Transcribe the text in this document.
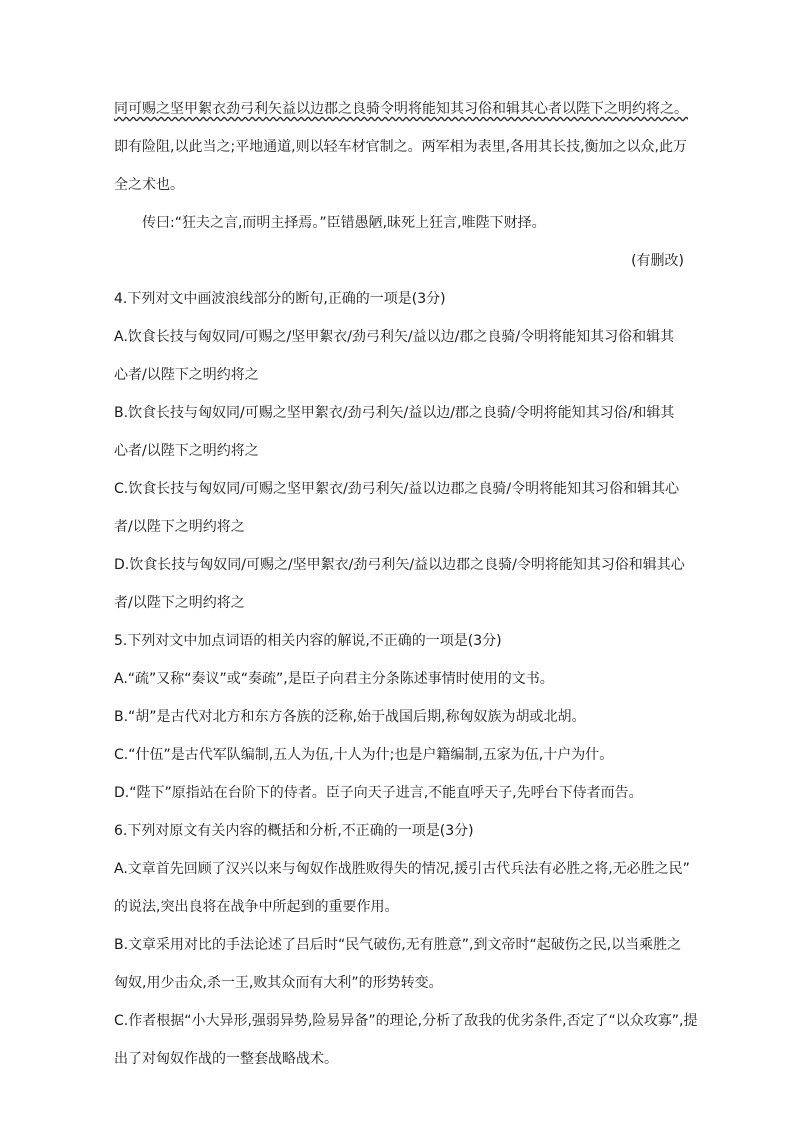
同可赐之坚甲絮衣劲弓利矢益以边郡之良骑令明将能知其习俗和辑其心者以陛下之明约将之。

即有险阻,以此当之;平地通道,则以轻车材官制之。两军相为表里,各用其长技,衡加之以众,此万

全之术也。

传曰:“狂夫之言,而明主择焉。”臣错愚陋,昧死上狂言,唯陛下财择。

(有删改)

4.下列对文中画波浪线部分的断句,正确的一项是(3分)

A.饮食长技与匈奴同/可赐之/坚甲絮衣/劲弓利矢/益以边/郡之良骑/令明将能知其习俗和辑其

心者/以陛下之明约将之

B.饮食长技与匈奴同/可赐之坚甲絮衣/劲弓利矢/益以边/郡之良骑/令明将能知其习俗/和辑其

心者/以陛下之明约将之

C.饮食长技与匈奴同/可赐之坚甲絮衣/劲弓利矢/益以边郡之良骑/令明将能知其习俗和辑其心

者/以陛下之明约将之

D.饮食长技与匈奴同/可赐之/坚甲絮衣/劲弓利矢/益以边郡之良骑/令明将能知其习俗和辑其心

者/以陛下之明约将之

5.下列对文中加点词语的相关内容的解说,不正确的一项是(3分)

A.“疏”又称“奏议”或“奏疏”,是臣子向君主分条陈述事情时使用的文书。

B.“胡”是古代对北方和东方各族的泛称,始于战国后期,称匈奴族为胡或北胡。

C.“什伍”是古代军队编制,五人为伍,十人为什;也是户籍编制,五家为伍,十户为什。

D.“陛下”原指站在台阶下的侍者。臣子向天子进言,不能直呼天子,先呼台下侍者而告。

6.下列对原文有关内容的概括和分析,不正确的一项是(3分)

A.文章首先回顾了汉兴以来与匈奴作战胜败得失的情况,援引古代兵法有必胜之将,无必胜之民”

的说法,突出良将在战争中所起到的重要作用。

B.文章采用对比的手法论述了吕后时“民气破伤,无有胜意”,到文帝时“起破伤之民,以当乘胜之

匈奴,用少击众,杀一王,败其众而有大利”的形势转变。

C.作者根据“小大异形,强弱异势,险易异备”的理论,分析了敌我的优劣条件,否定了“以众攻寡”,提

出了对匈奴作战的一整套战略战术。
